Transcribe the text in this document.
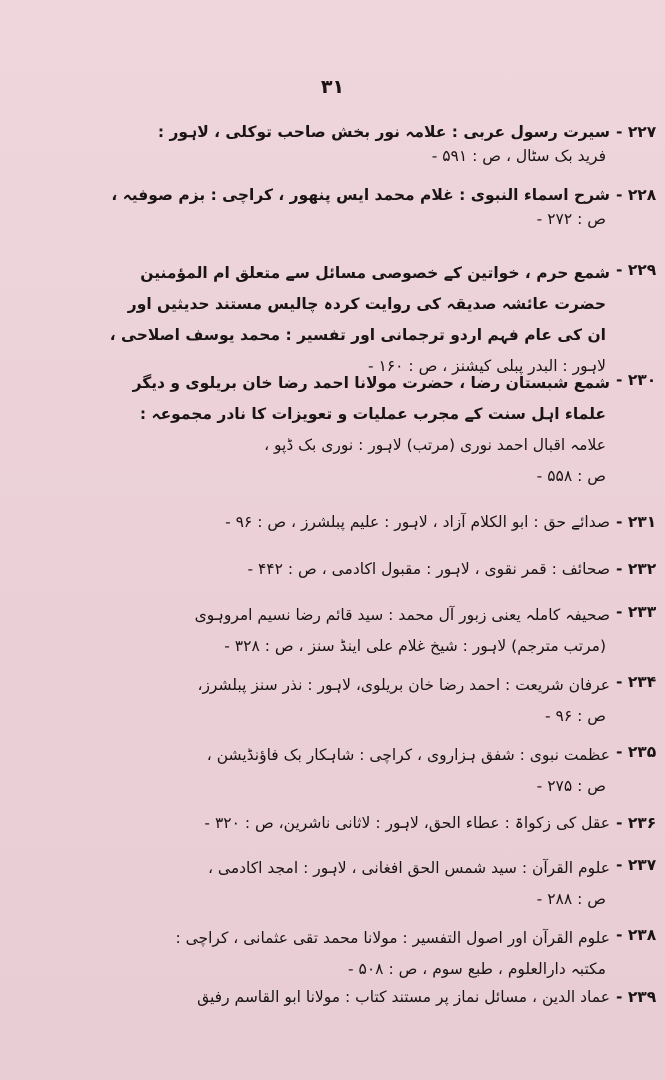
٣١
۲۲۷ -
سیرت رسول عربی : علامہ نور بخش صاحب توکلی ، لاہور :
فرید بک سٹال ، ص : ۵۹۱ -
۲۲۸ -
شرح اسماء النبوی : غلام محمد ایس پنھور ، کراچی : بزم صوفیہ ،
ص : ۲۷۲ -
۲۲۹ -
شمع حرم ، خواتین کے خصوصی مسائل سے متعلق ام المؤمنین
حضرت عائشہ صدیقہ کی روایت کردہ چالیس مستند حدیثیں اور
ان کی عام فہم اردو ترجمانی اور تفسیر : محمد یوسف اصلاحی ،
لاہور : البدر پبلی کیشنز ، ص : ۱۶۰ -
۲۳۰ -
شمع شبستان رضا ، حضرت مولانا احمد رضا خان بریلوی و دیگر
علماء اہل سنت کے مجرب عملیات و تعویزات کا نادر مجموعہ :
علامہ اقبال احمد نوری (مرتب) لاہور : نوری بک ڈپو ،
ص : ۵۵۸ -
۲۳۱ -
صدائے حق : ابو الکلام آزاد ، لاہور : علیم پبلشرز ، ص : ۹۶ -
۲۳۲ -
صحائف : قمر نقوی ، لاہور : مقبول اکادمی ، ص : ۴۴۲ -
۲۳۳ -
صحیفہ کاملہ یعنی زبور آل محمد : سید قائم رضا نسیم امروہوی
(مرتب مترجم) لاہور : شیخ غلام علی اینڈ سنز ، ص : ۳۲۸ -
۲۳۴ -
عرفان شریعت : احمد رضا خان بریلوی، لاہور : نذر سنز پبلشرز،
ص : ۹۶ -
۲۳۵ -
عظمت نبوی : شفق ہزاروی ، کراچی : شاہکار بک فاؤنڈیشن ،
ص : ۲۷۵ -
۲۳۶ -
عقل کی زکواۃ : عطاء الحق، لاہور : لاثانی ناشرین، ص : ۳۲۰ -
۲۳۷ -
علوم القرآن : سید شمس الحق افغانی ، لاہور : امجد اکادمی ،
ص : ۲۸۸ -
۲۳۸ -
علوم القرآن اور اصول التفسیر : مولانا محمد تقی عثمانی ، کراچی :
مکتبہ دارالعلوم ، طبع سوم ، ص : ۵۰۸ -
۲۳۹ -
عماد الدین ، مسائل نماز پر مستند کتاب : مولانا ابو القاسم رفیق
